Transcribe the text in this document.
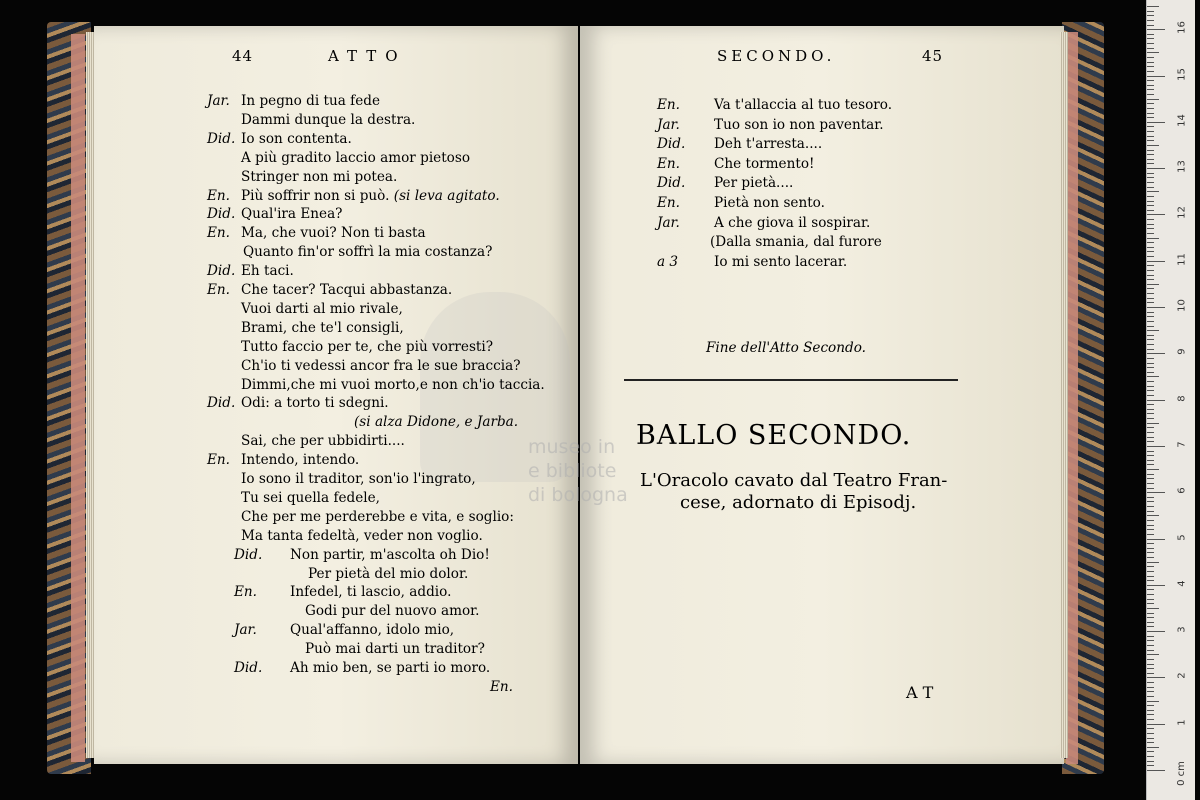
44	ATTO	SECONDO.	45
Jar. In pegno di tua fede
Dammi dunque la destra.
Did. Io son contenta.
A più gradito laccio amor pietoso
Stringer non mi potea.
En. Più soffrir non si può. (si leva agitato.
Did. Qual'ira Enea?
En. Ma, che vuoi? Non ti basta
Quanto fin'or soffrì la mia costanza?
Did. Eh taci.
En. Che tacer? Tacqui abbastanza.
Vuoi darti al mio rivale,
Brami, che te'l consigli,
Tutto faccio per te, che più vorresti?
Ch'io ti vedessi ancor fra le sue braccia?
Dimmi,che mi vuoi morto,e non ch'io taccia.
Did. Odi: a torto ti sdegni.
(si alza Didone, e Jarba.
Sai, che per ubbidirti....
En. Intendo, intendo.
Io sono il traditor, son'io l'ingrato,
Tu sei quella fedele,
Che per me perderebbe e vita, e soglio:
Ma tanta fedeltà, veder non voglio.
Did. Non partir, m'ascolta oh Dio!
Per pietà del mio dolor.
En. Infedel, ti lascio, addio.
Godi pur del nuovo amor.
Jar. Qual'affanno, idolo mio,
Può mai darti un traditor?
Did. Ah mio ben, se parti io moro.
En.	Va t'allaccia al tuo tesoro.
Jar.	Tuo son io non paventar.
Did. Deh t'arresta....
En.	Che tormento!
Did. Per pietà....
En.	Pietà non sento.
Jar.	A che giova il sospirar.
(Dalla smania, dal furore
a 3	Io mi sento lacerar.
En.
Fine dell'Atto Secondo.
BALLO SECONDO.
L'Oracolo cavato dal Teatro Fran-
cese, adornato di Episodj.
AT
museo in
e bibliote
di bologna
0 cm
1
2
3
4
5
6
7
8
9
10
11
12
13
14
15
16
